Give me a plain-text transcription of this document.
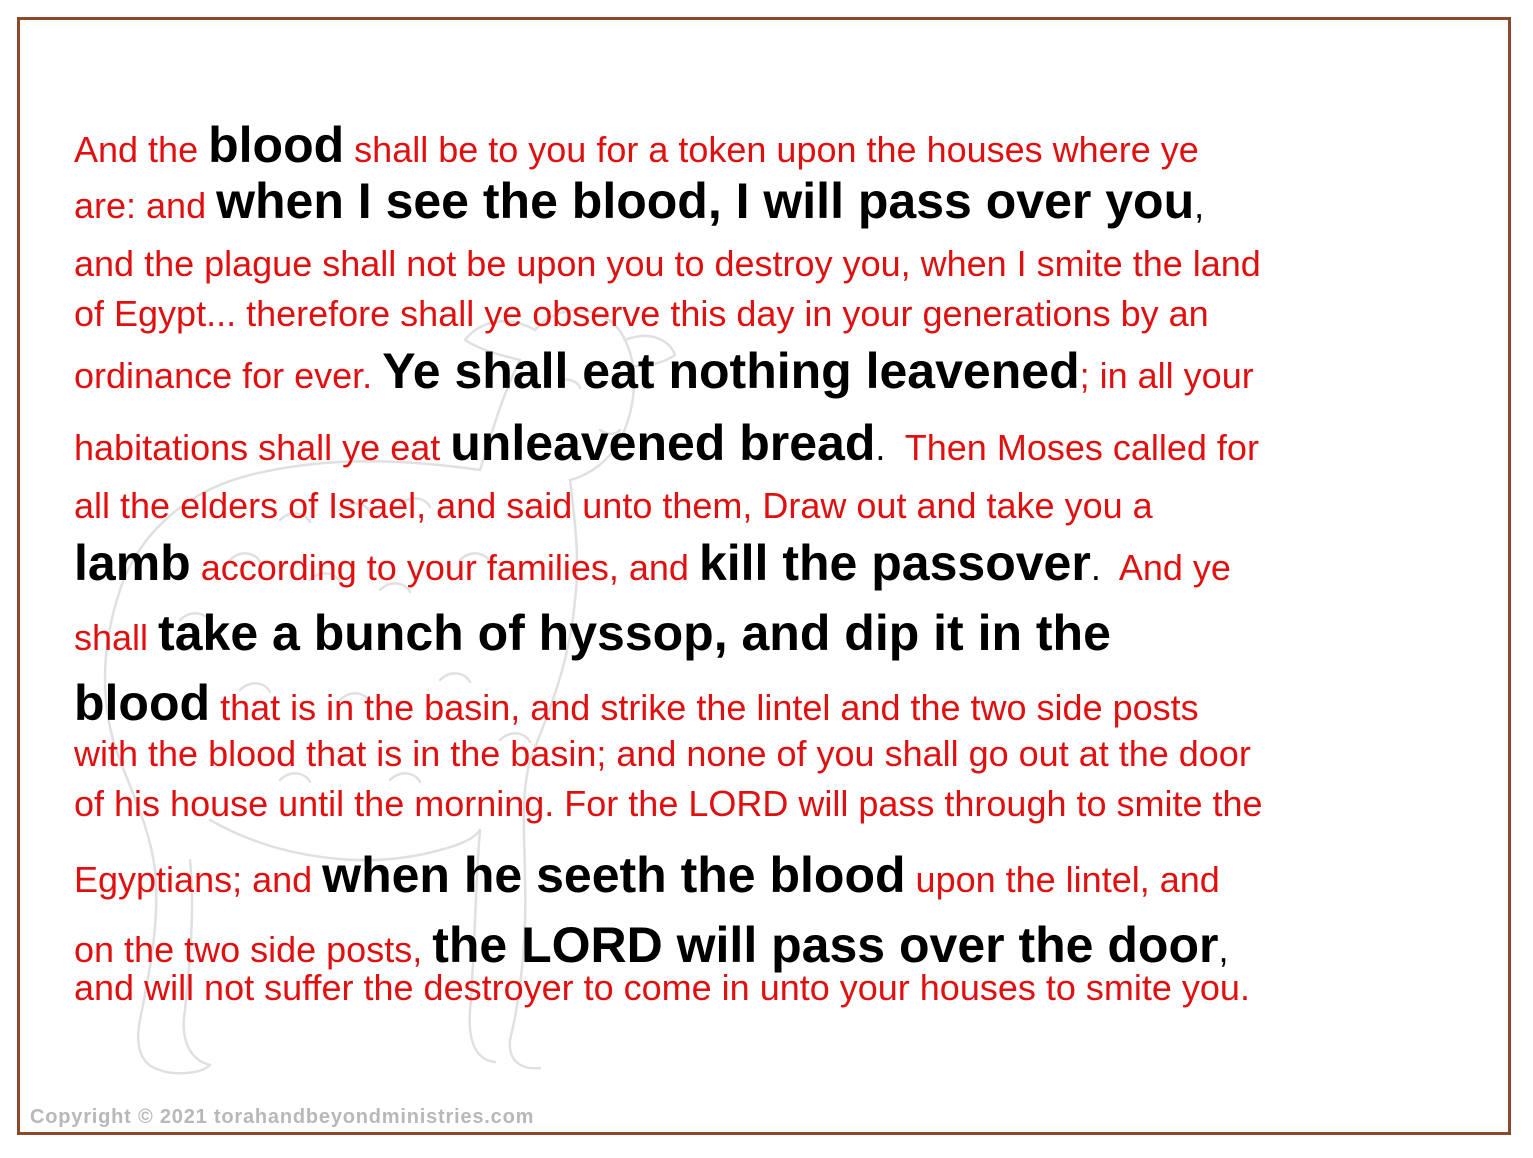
And the blood shall be to you for a token upon the houses where ye
are: and when I see the blood, I will pass over you,
and the plague shall not be upon you to destroy you, when I smite the land
of Egypt... therefore shall ye observe this day in your generations by an
ordinance for ever. Ye shall eat nothing leavened; in all your
habitations shall ye eat unleavened bread.  Then Moses called for
all the elders of Israel, and said unto them, Draw out and take you a
lamb according to your families, and kill the passover.  And ye
shall take a bunch of hyssop, and dip it in the
blood that is in the basin, and strike the lintel and the two side posts
with the blood that is in the basin; and none of you shall go out at the door
of his house until the morning. For the LORD will pass through to smite the
Egyptians; and when he seeth the blood upon the lintel, and
on the two side posts, the LORD will pass over the door,
and will not suffer the destroyer to come in unto your houses to smite you.
Copyright © 2021 torahandbeyondministries.com
